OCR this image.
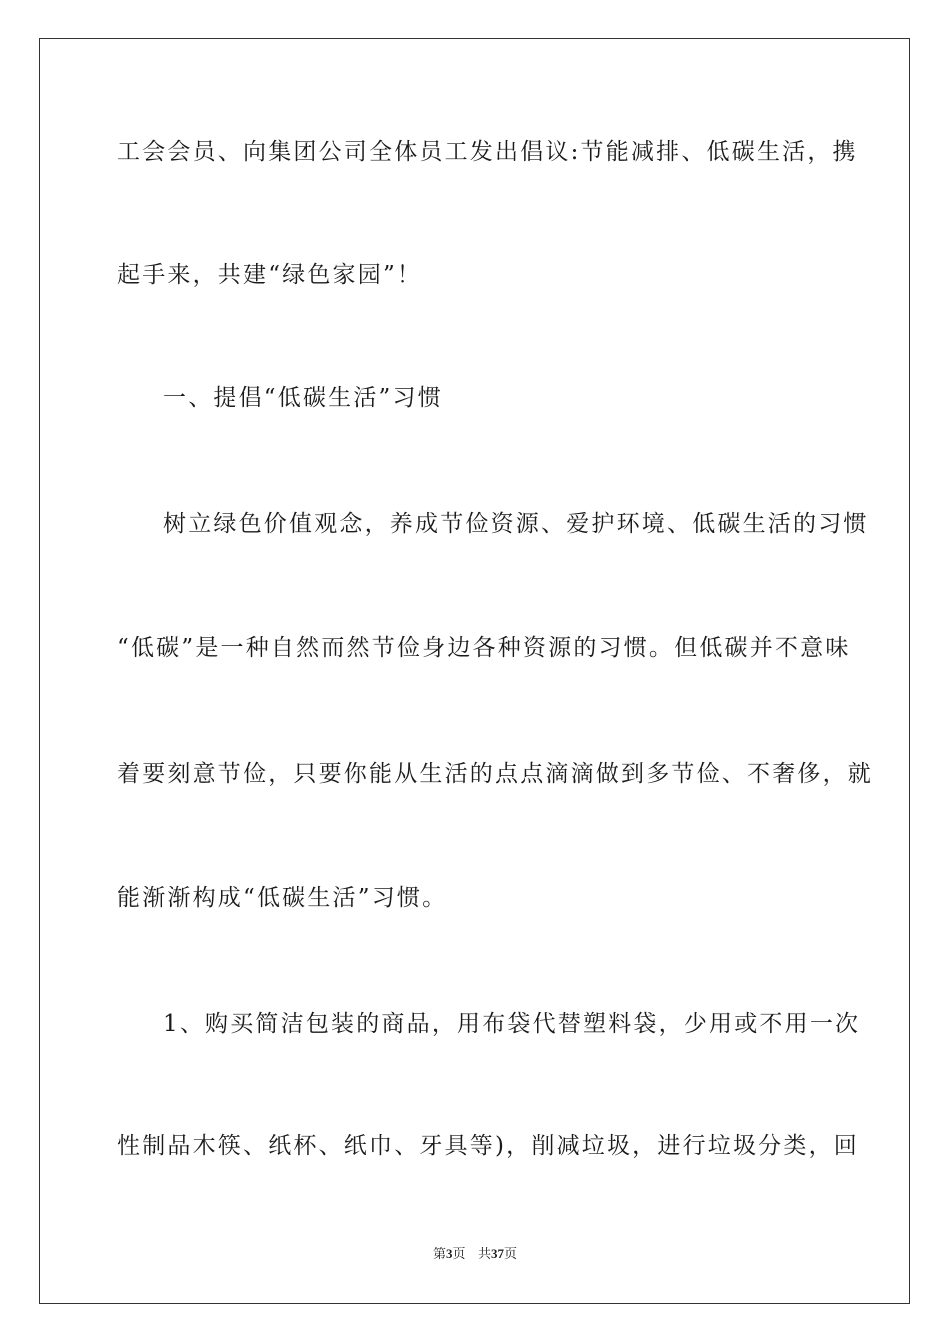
工会会员、向集团公司全体员工发出倡议:节能减排、低碳生活，携
起手来，共建“绿色家园”！
一、提倡“低碳生活”习惯
树立绿色价值观念，养成节俭资源、爱护环境、低碳生活的习惯
“低碳”是一种自然而然节俭身边各种资源的习惯。但低碳并不意味
着要刻意节俭，只要你能从生活的点点滴滴做到多节俭、不奢侈，就
能渐渐构成“低碳生活”习惯。
1、购买简洁包装的商品，用布袋代替塑料袋，少用或不用一次
性制品木筷、纸杯、纸巾、牙具等)，削减垃圾，进行垃圾分类，回
第3页 共37页
